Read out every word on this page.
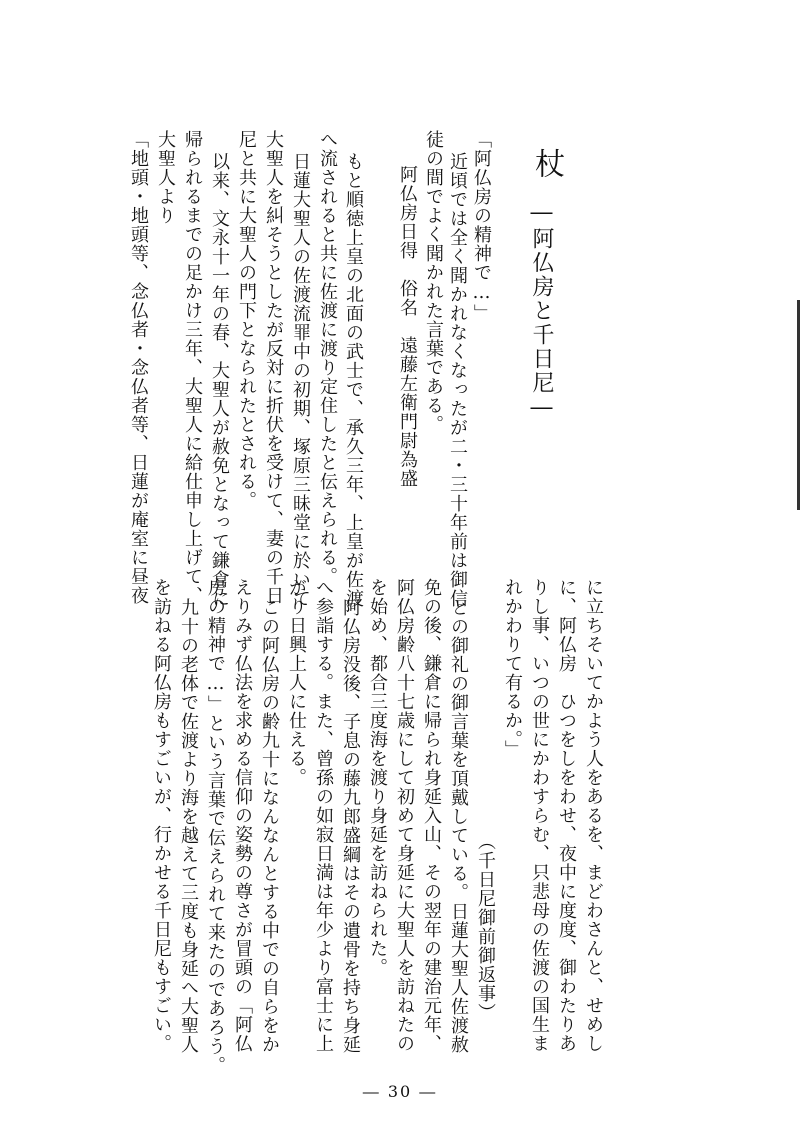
杖
―阿仏房と千日尼―
「阿仏房の精神で…」
近頃では全く聞かれなくなったが二・三十年前は御信
徒の間でよく聞かれた言葉である。
阿仏房日得　俗名　遠藤左衛門尉為盛
もと順徳上皇の北面の武士で、承久三年、上皇が佐渡
へ流されると共に佐渡に渡り定住したと伝えられる。
日蓮大聖人の佐渡流罪中の初期、塚原三昧堂に於いて
大聖人を糾そうとしたが反対に折伏を受けて、妻の千日
尼と共に大聖人の門下となられたとされる。
以来、文永十一年の春、大聖人が赦免となって鎌倉に
帰られるまでの足かけ三年、大聖人に給仕申し上げて、
大聖人より
「地頭・地頭等、念仏者・念仏者等、日蓮が庵室に昼夜
に立ちそいてかよう人をあるを、まどわさんと、せめし
に、阿仏房　ひつをしをわせ、夜中に度度、御わたりあ
りし事、いつの世にかわすらむ、只悲母の佐渡の国生ま
れかわりて有るか。」
（千日尼御前御返事）
との御礼の御言葉を頂戴している。日蓮大聖人佐渡赦
免の後、鎌倉に帰られ身延入山、その翌年の建治元年、
阿仏房齢八十七歳にして初めて身延に大聖人を訪ねたの
を始め、都合三度海を渡り身延を訪ねられた。
阿仏房没後、子息の藤九郎盛綱はその遺骨を持ち身延
へ参詣する。また、曾孫の如寂日満は年少より富士に上
がり日興上人に仕える。
この阿仏房の齢九十になんなんとする中での自らをか
えりみず仏法を求める信仰の姿勢の尊さが冒頭の「阿仏
房の精神で…」という言葉で伝えられて来たのであろう。
九十の老体で佐渡より海を越えて三度も身延へ大聖人
を訪ねる阿仏房もすごいが、行かせる千日尼もすごい。
― 30 ―
